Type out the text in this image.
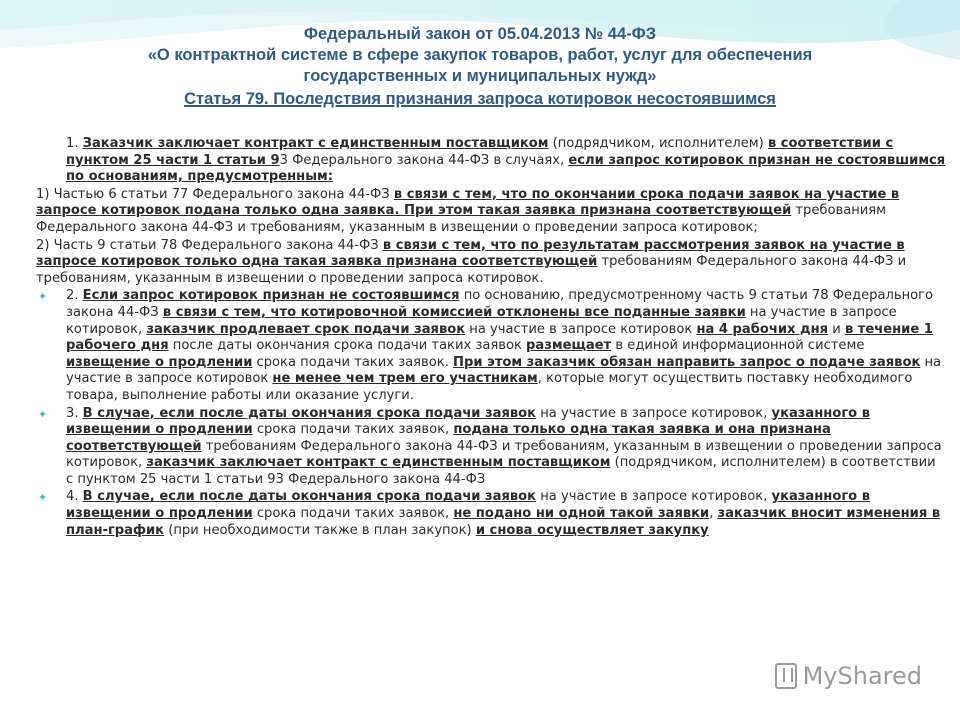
Федеральный закон от 05.04.2013 № 44-ФЗ
«О контрактной системе в сфере закупок товаров, работ, услуг для обеспечения
государственных и муниципальных нужд»
Статья 79. Последствия признания запроса котировок несостоявшимся
1. Заказчик заключает контракт с единственным поставщиком (подрядчиком, исполнителем) в соответствии с пунктом 25 части 1 статьи 93 Федерального закона 44-ФЗ в случаях, если запрос котировок признан не состоявшимся по основаниям, предусмотренным:
1) Частью 6 статьи 77 Федерального закона 44-ФЗ в связи с тем, что по окончании срока подачи заявок на участие в запросе котировок подана только одна заявка. При этом такая заявка признана соответствующей требованиям Федерального закона 44-ФЗ и требованиям, указанным в извещении о проведении запроса котировок;
2) Часть 9 статьи 78 Федерального закона 44-ФЗ в связи с тем, что по результатам рассмотрения заявок на участие в запросе котировок только одна такая заявка признана соответствующей требованиям Федерального закона 44-ФЗ и требованиям, указанным в извещении о проведении запроса котировок.
✦ 2. Если запрос котировок признан не состоявшимся по основанию, предусмотренному часть 9 статьи 78 Федерального закона 44-ФЗ в связи с тем, что котировочной комиссией отклонены все поданные заявки на участие в запросе котировок, заказчик продлевает срок подачи заявок на участие в запросе котировок на 4 рабочих дня и в течение 1 рабочего дня после даты окончания срока подачи таких заявок размещает в единой информационной системе извещение о продлении срока подачи таких заявок. При этом заказчик обязан направить запрос о подаче заявок на участие в запросе котировок не менее чем трем его участникам, которые могут осуществить поставку необходимого товара, выполнение работы или оказание услуги.
✦ 3. В случае, если после даты окончания срока подачи заявок на участие в запросе котировок, указанного в извещении о продлении срока подачи таких заявок, подана только одна такая заявка и она признана соответствующей требованиям Федерального закона 44-ФЗ и требованиям, указанным в извещении о проведении запроса котировок, заказчик заключает контракт с единственным поставщиком (подрядчиком, исполнителем) в соответствии с пунктом 25 части 1 статьи 93 Федерального закона 44-ФЗ
✦ 4. В случае, если после даты окончания срока подачи заявок на участие в запросе котировок, указанного в извещении о продлении срока подачи таких заявок, не подано ни одной такой заявки, заказчик вносит изменения в план-график (при необходимости также в план закупок) и снова осуществляет закупку
MyShared
